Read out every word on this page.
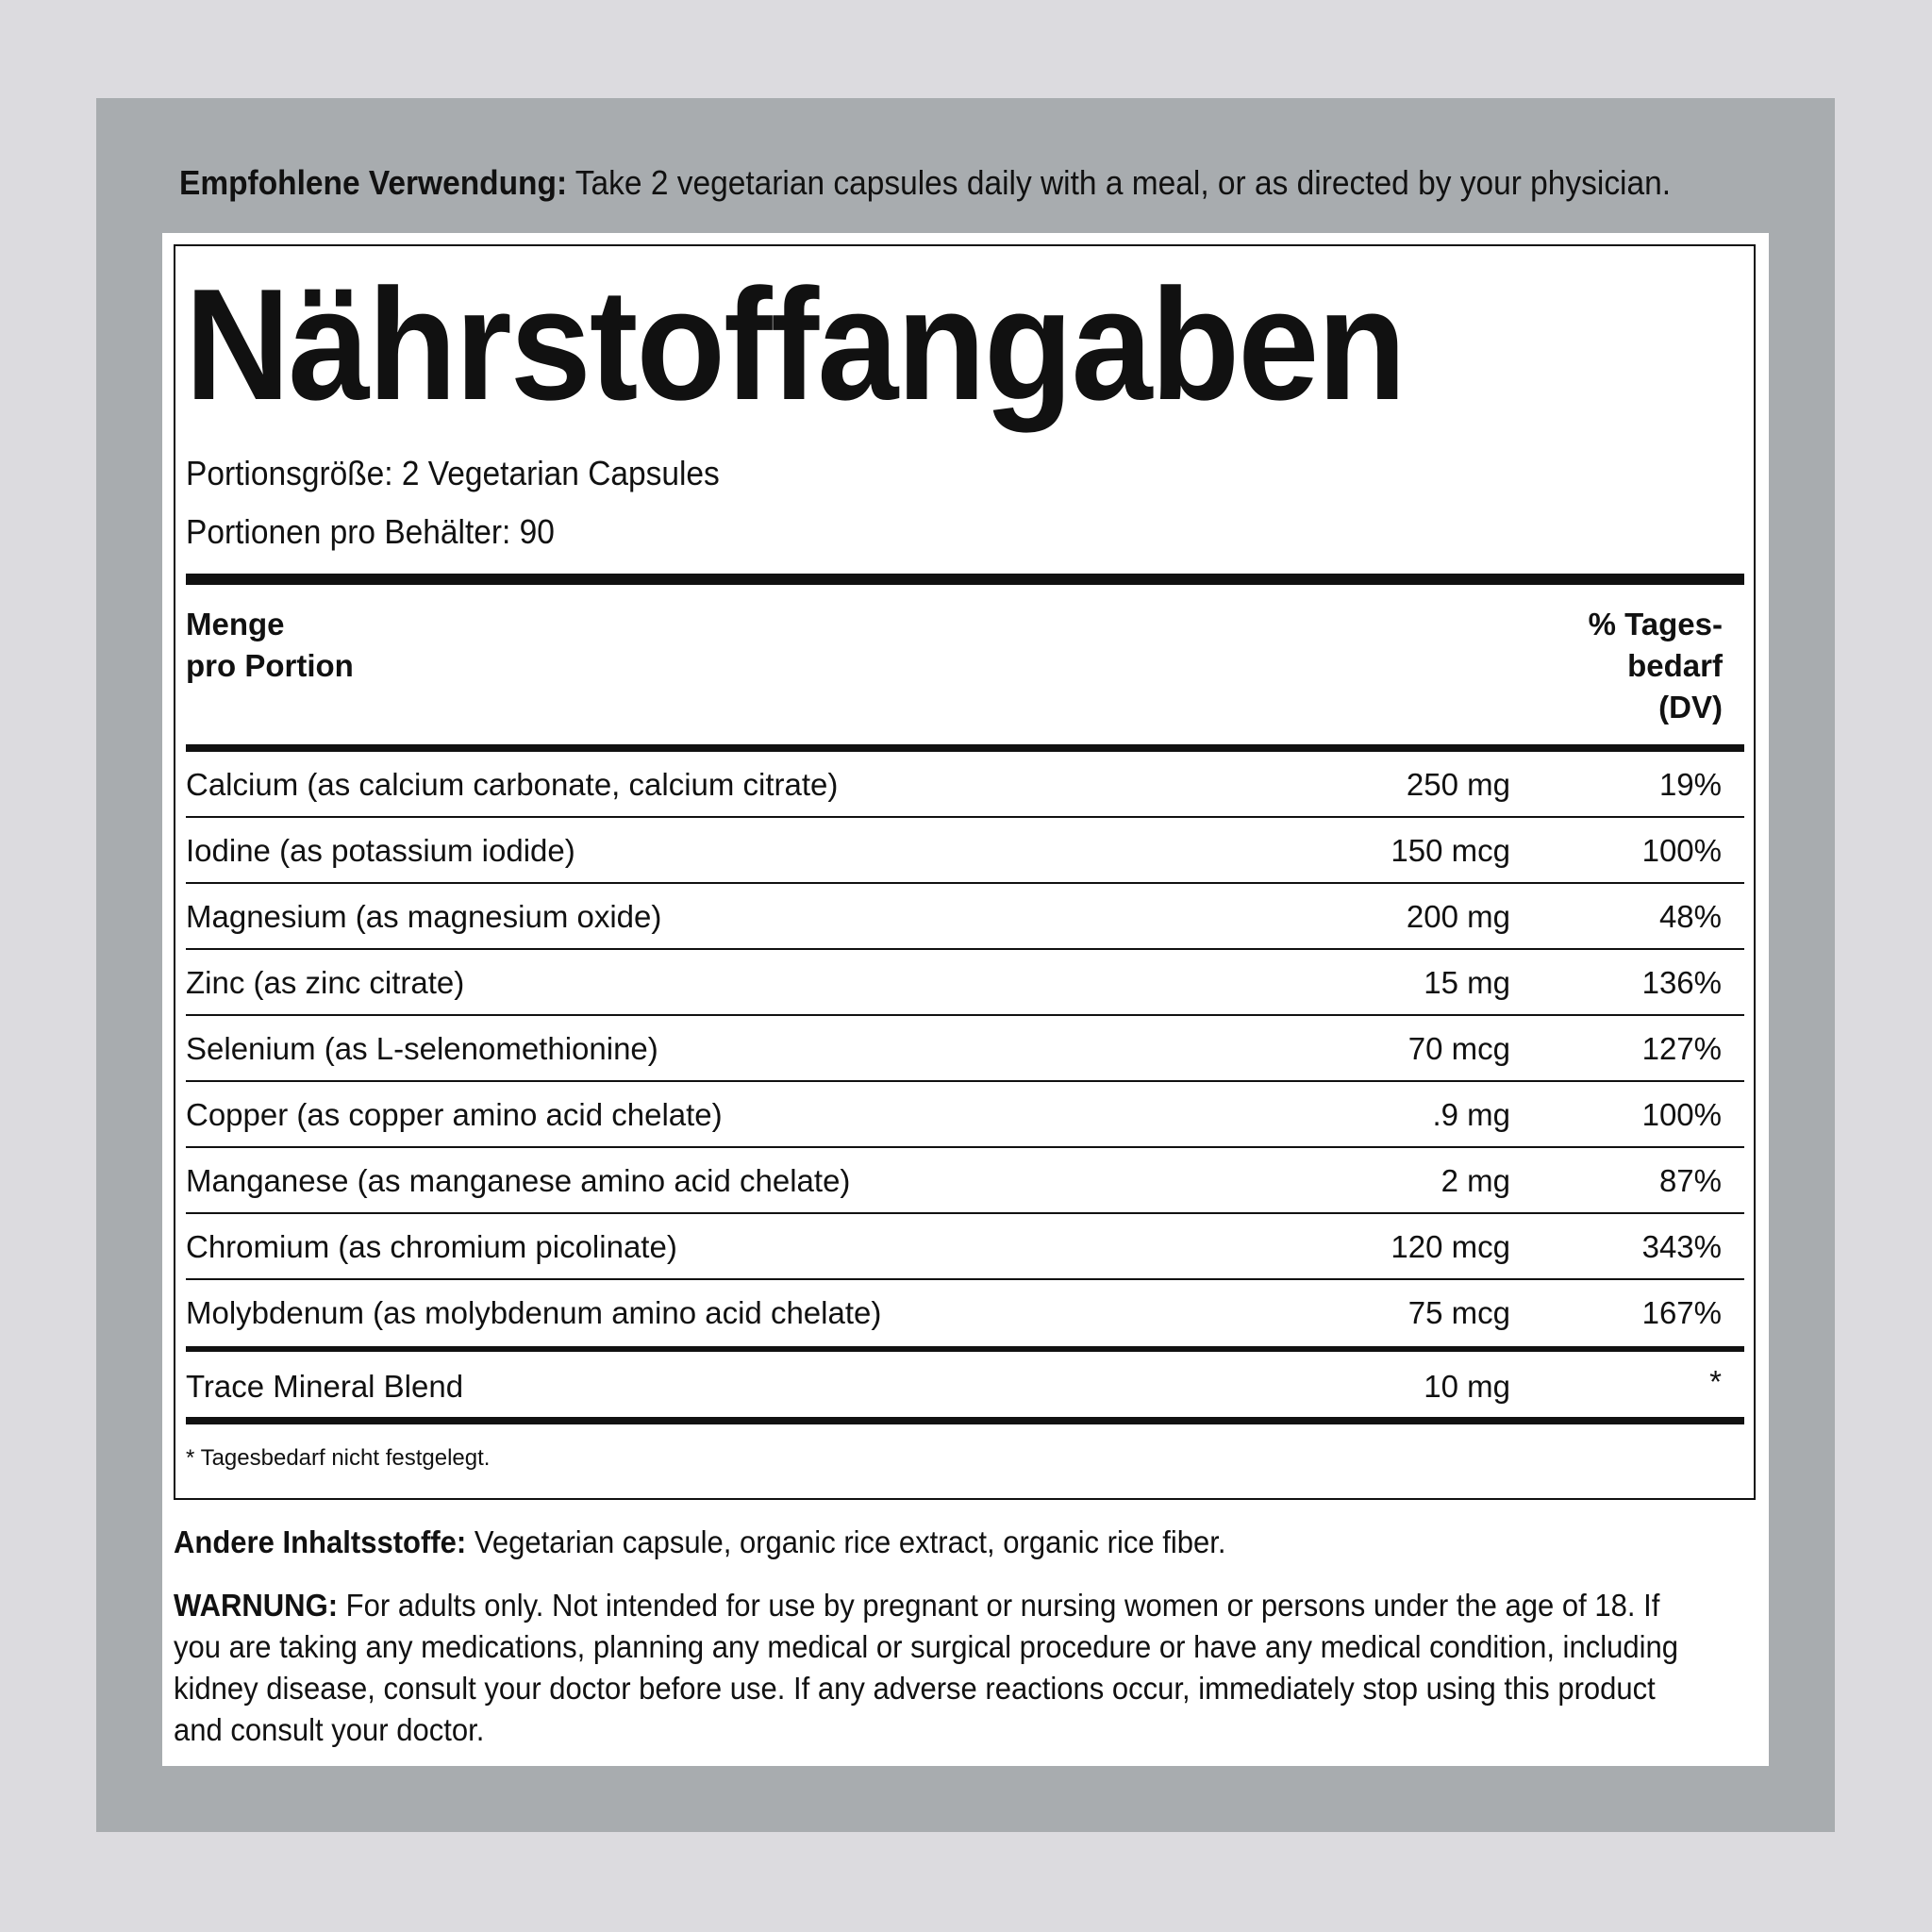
Empfohlene Verwendung: Take 2 vegetarian capsules daily with a meal, or as directed by your physician.
Nährstoffangaben
Portionsgröße: 2 Vegetarian Capsules
Portionen pro Behälter: 90
Menge
pro Portion
% Tages-
bedarf
(DV)
Calcium (as calcium carbonate, calcium citrate)	250 mg	19%
Iodine (as potassium iodide)	150 mcg	100%
Magnesium (as magnesium oxide)	200 mg	48%
Zinc (as zinc citrate)	15 mg	136%
Selenium (as L-selenomethionine)	70 mcg	127%
Copper (as copper amino acid chelate)	.9 mg	100%
Manganese (as manganese amino acid chelate)	2 mg	87%
Chromium (as chromium picolinate)	120 mcg	343%
Molybdenum (as molybdenum amino acid chelate)	75 mcg	167%
Trace Mineral Blend	10 mg	*
* Tagesbedarf nicht festgelegt.
Andere Inhaltsstoffe: Vegetarian capsule, organic rice extract, organic rice fiber.
WARNUNG: For adults only. Not intended for use by pregnant or nursing women or persons under the age of 18. If you are taking any medications, planning any medical or surgical procedure or have any medical condition, including kidney disease, consult your doctor before use. If any adverse reactions occur, immediately stop using this product and consult your doctor.
